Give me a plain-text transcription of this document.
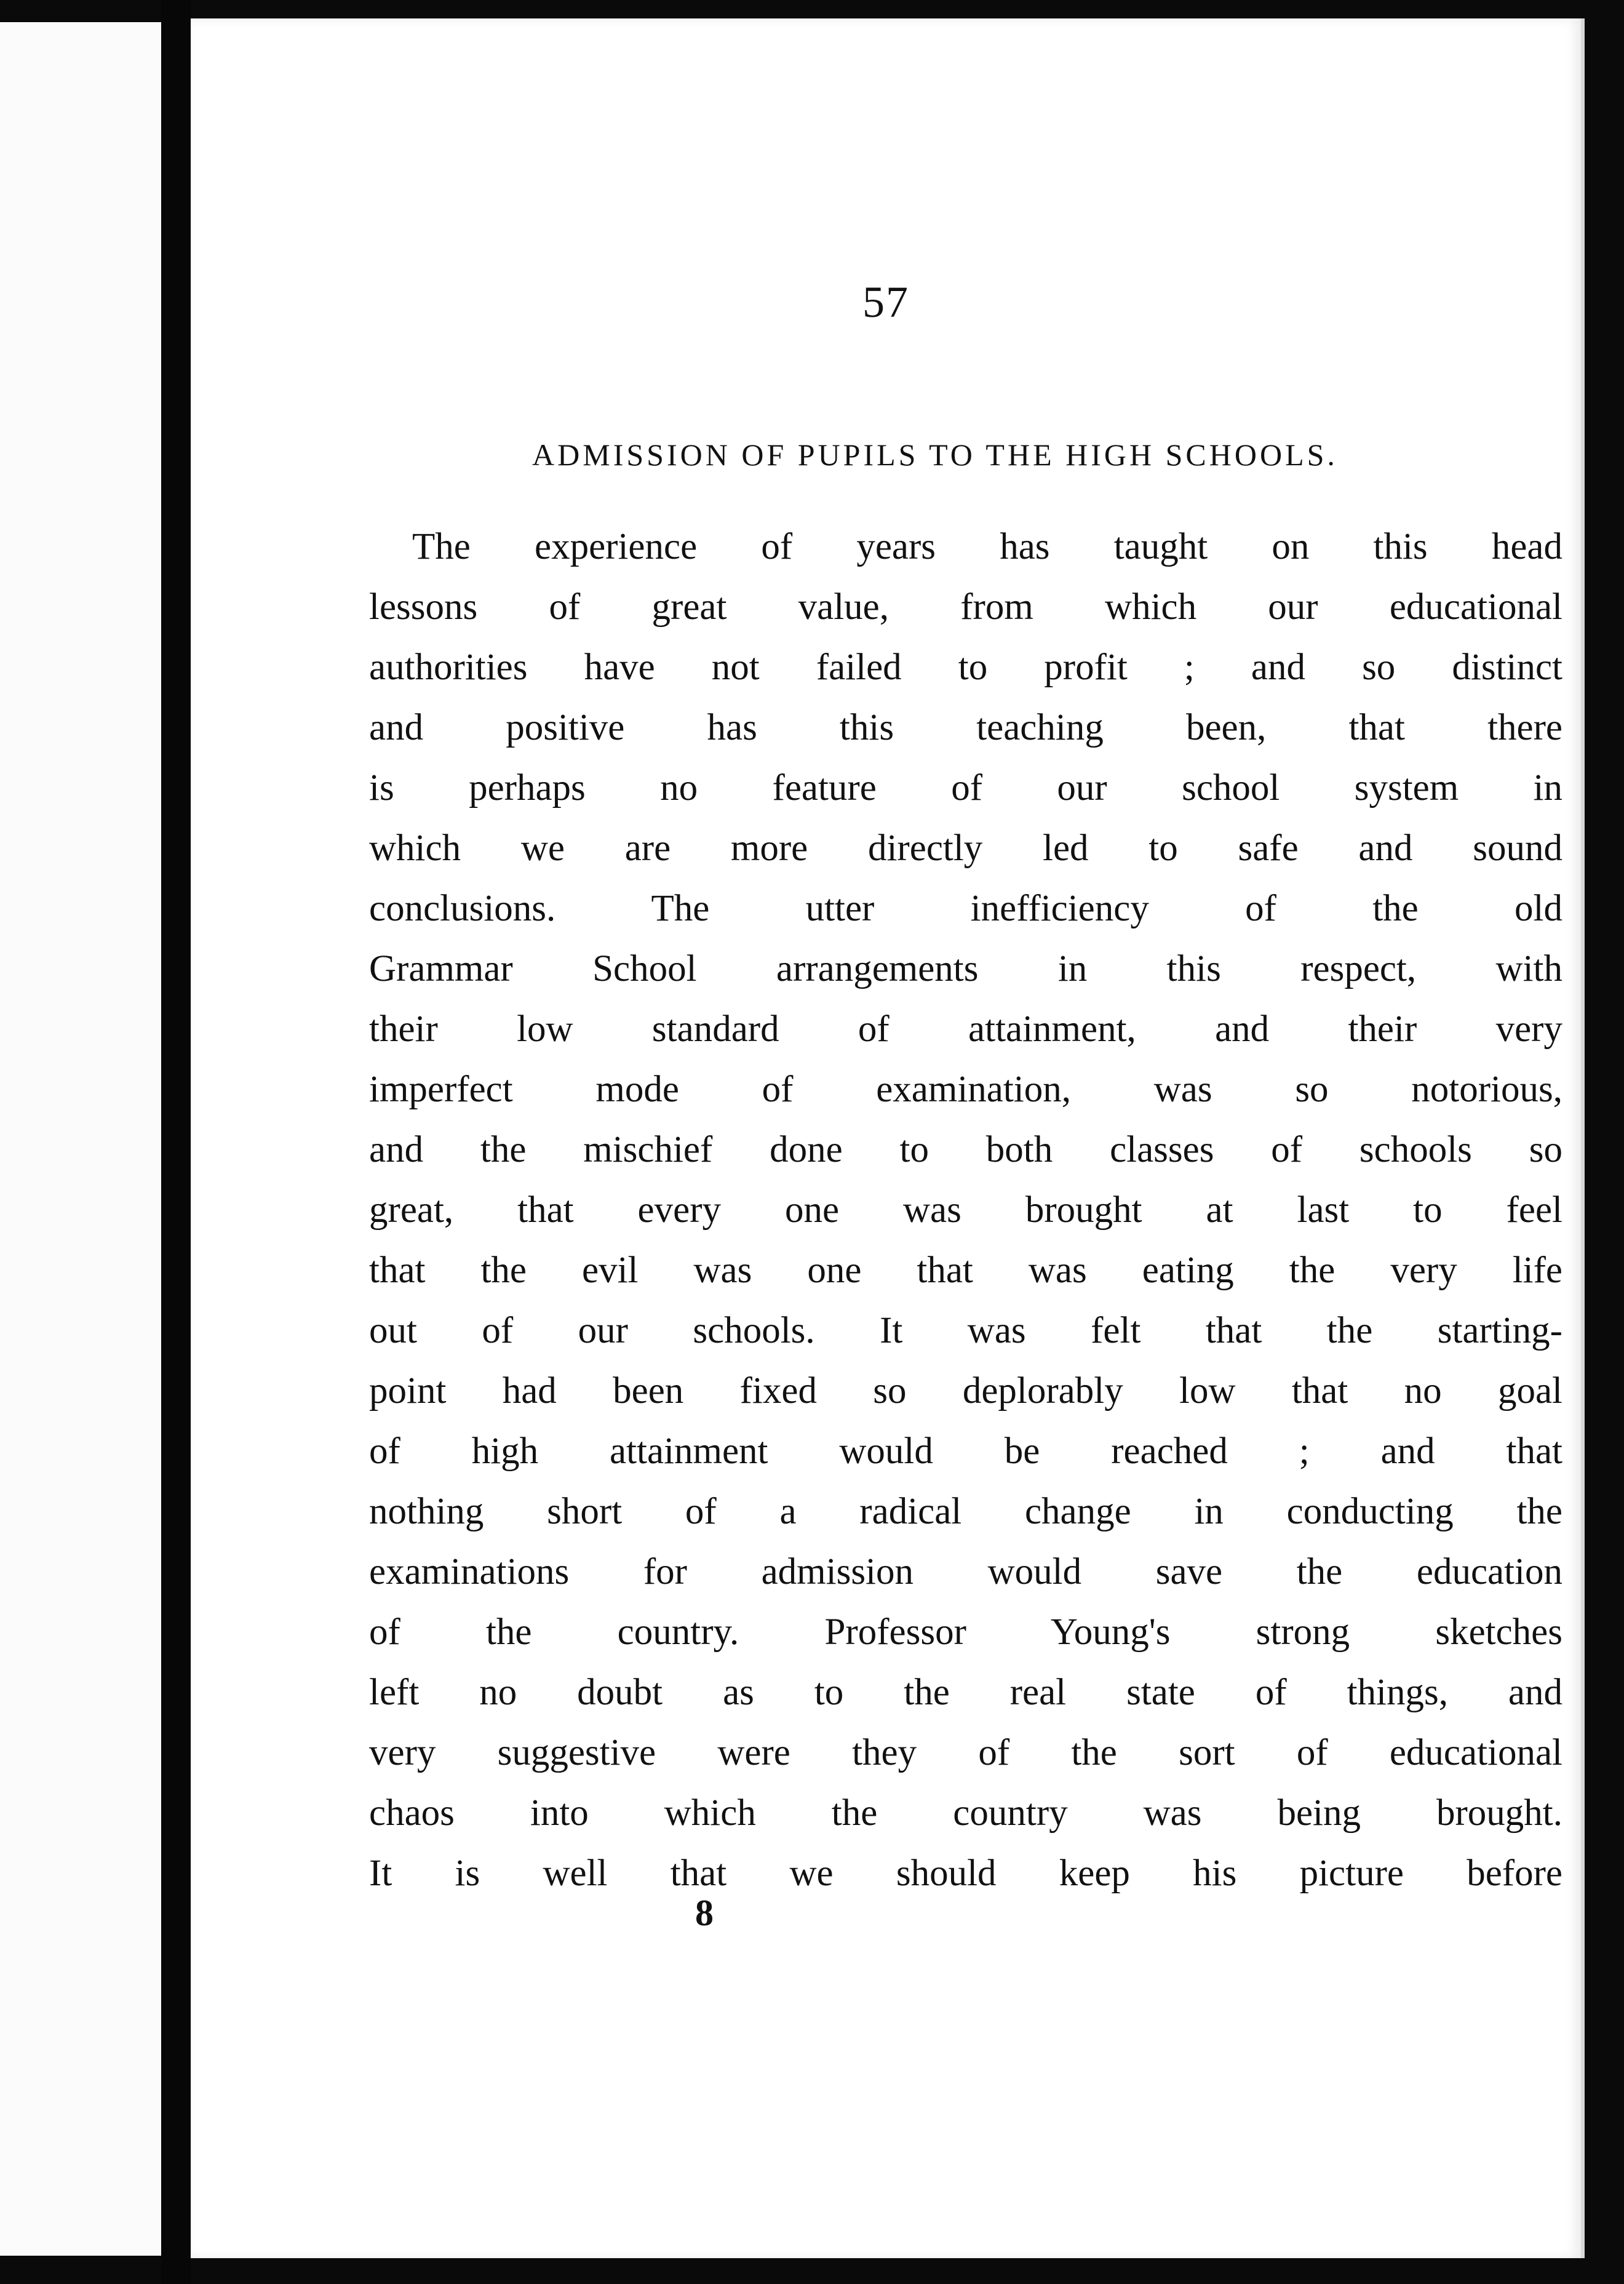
57
ADMISSION OF PUPILS TO THE HIGH SCHOOLS.
The experience of years has taught on this head
lessons of great value, from which our educational
authorities have not failed to profit ; and so distinct
and positive has this teaching been, that there
is perhaps no feature of our school system in
which we are more directly led to safe and sound
conclusions. The utter inefficiency of the old
Grammar School arrangements in this respect, with
their low standard of attainment, and their very
imperfect mode of examination, was so notorious,
and the mischief done to both classes of schools so
great, that every one was brought at last to feel
that the evil was one that was eating the very life
out of our schools. It was felt that the starting-
point had been fixed so deplorably low that no goal
of high attainment would be reached ; and that
nothing short of a radical change in conducting the
examinations for admission would save the education
of the country. Professor Young's strong sketches
left no doubt as to the real state of things, and
very suggestive were they of the sort of educational
chaos into which the country was being brought.
It is well that we should keep his picture before
8
